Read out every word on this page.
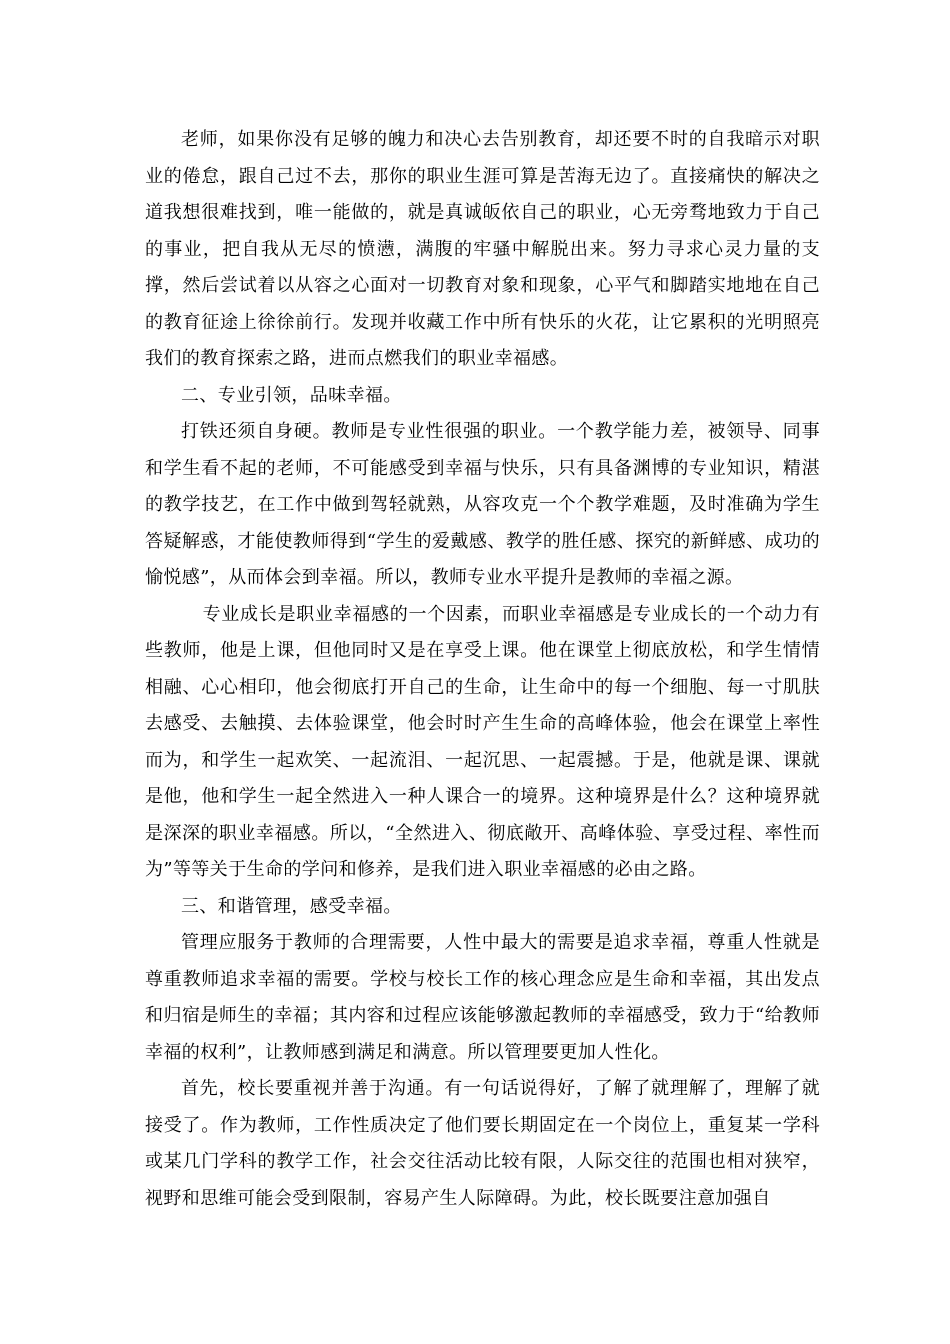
老师，如果你没有足够的魄力和决心去告别教育，却还要不时的自我暗示对职业的倦怠，跟自己过不去，那你的职业生涯可算是苦海无边了。直接痛快的解决之道我想很难找到，唯一能做的，就是真诚皈依自己的职业，心无旁骛地致力于自己的事业，把自我从无尽的愤懑，满腹的牢骚中解脱出来。努力寻求心灵力量的支撑，然后尝试着以从容之心面对一切教育对象和现象，心平气和脚踏实地地在自己的教育征途上徐徐前行。发现并收藏工作中所有快乐的火花，让它累积的光明照亮我们的教育探索之路，进而点燃我们的职业幸福感。

二、专业引领，品味幸福。

打铁还须自身硬。教师是专业性很强的职业。一个教学能力差，被领导、同事和学生看不起的老师，不可能感受到幸福与快乐，只有具备渊博的专业知识，精湛的教学技艺，在工作中做到驾轻就熟，从容攻克一个个教学难题，及时准确为学生答疑解惑，才能使教师得到“学生的爱戴感、教学的胜任感、探究的新鲜感、成功的愉悦感”，从而体会到幸福。所以，教师专业水平提升是教师的幸福之源。

专业成长是职业幸福感的一个因素，而职业幸福感是专业成长的一个动力有些教师，他是上课，但他同时又是在享受上课。他在课堂上彻底放松，和学生情情相融、心心相印，他会彻底打开自己的生命，让生命中的每一个细胞、每一寸肌肤去感受、去触摸、去体验课堂，他会时时产生生命的高峰体验，他会在课堂上率性而为，和学生一起欢笑、一起流泪、一起沉思、一起震撼。于是，他就是课、课就是他，他和学生一起全然进入一种人课合一的境界。这种境界是什么？这种境界就是深深的职业幸福感。所以，“全然进入、彻底敞开、高峰体验、享受过程、率性而为”等等关于生命的学问和修养，是我们进入职业幸福感的必由之路。

三、和谐管理，感受幸福。

管理应服务于教师的合理需要，人性中最大的需要是追求幸福，尊重人性就是尊重教师追求幸福的需要。学校与校长工作的核心理念应是生命和幸福，其出发点和归宿是师生的幸福；其内容和过程应该能够激起教师的幸福感受，致力于“给教师幸福的权利”，让教师感到满足和满意。所以管理要更加人性化。

首先，校长要重视并善于沟通。有一句话说得好，了解了就理解了，理解了就接受了。作为教师，工作性质决定了他们要长期固定在一个岗位上，重复某一学科或某几门学科的教学工作，社会交往活动比较有限，人际交往的范围也相对狭窄，视野和思维可能会受到限制，容易产生人际障碍。为此，校长既要注意加强自
